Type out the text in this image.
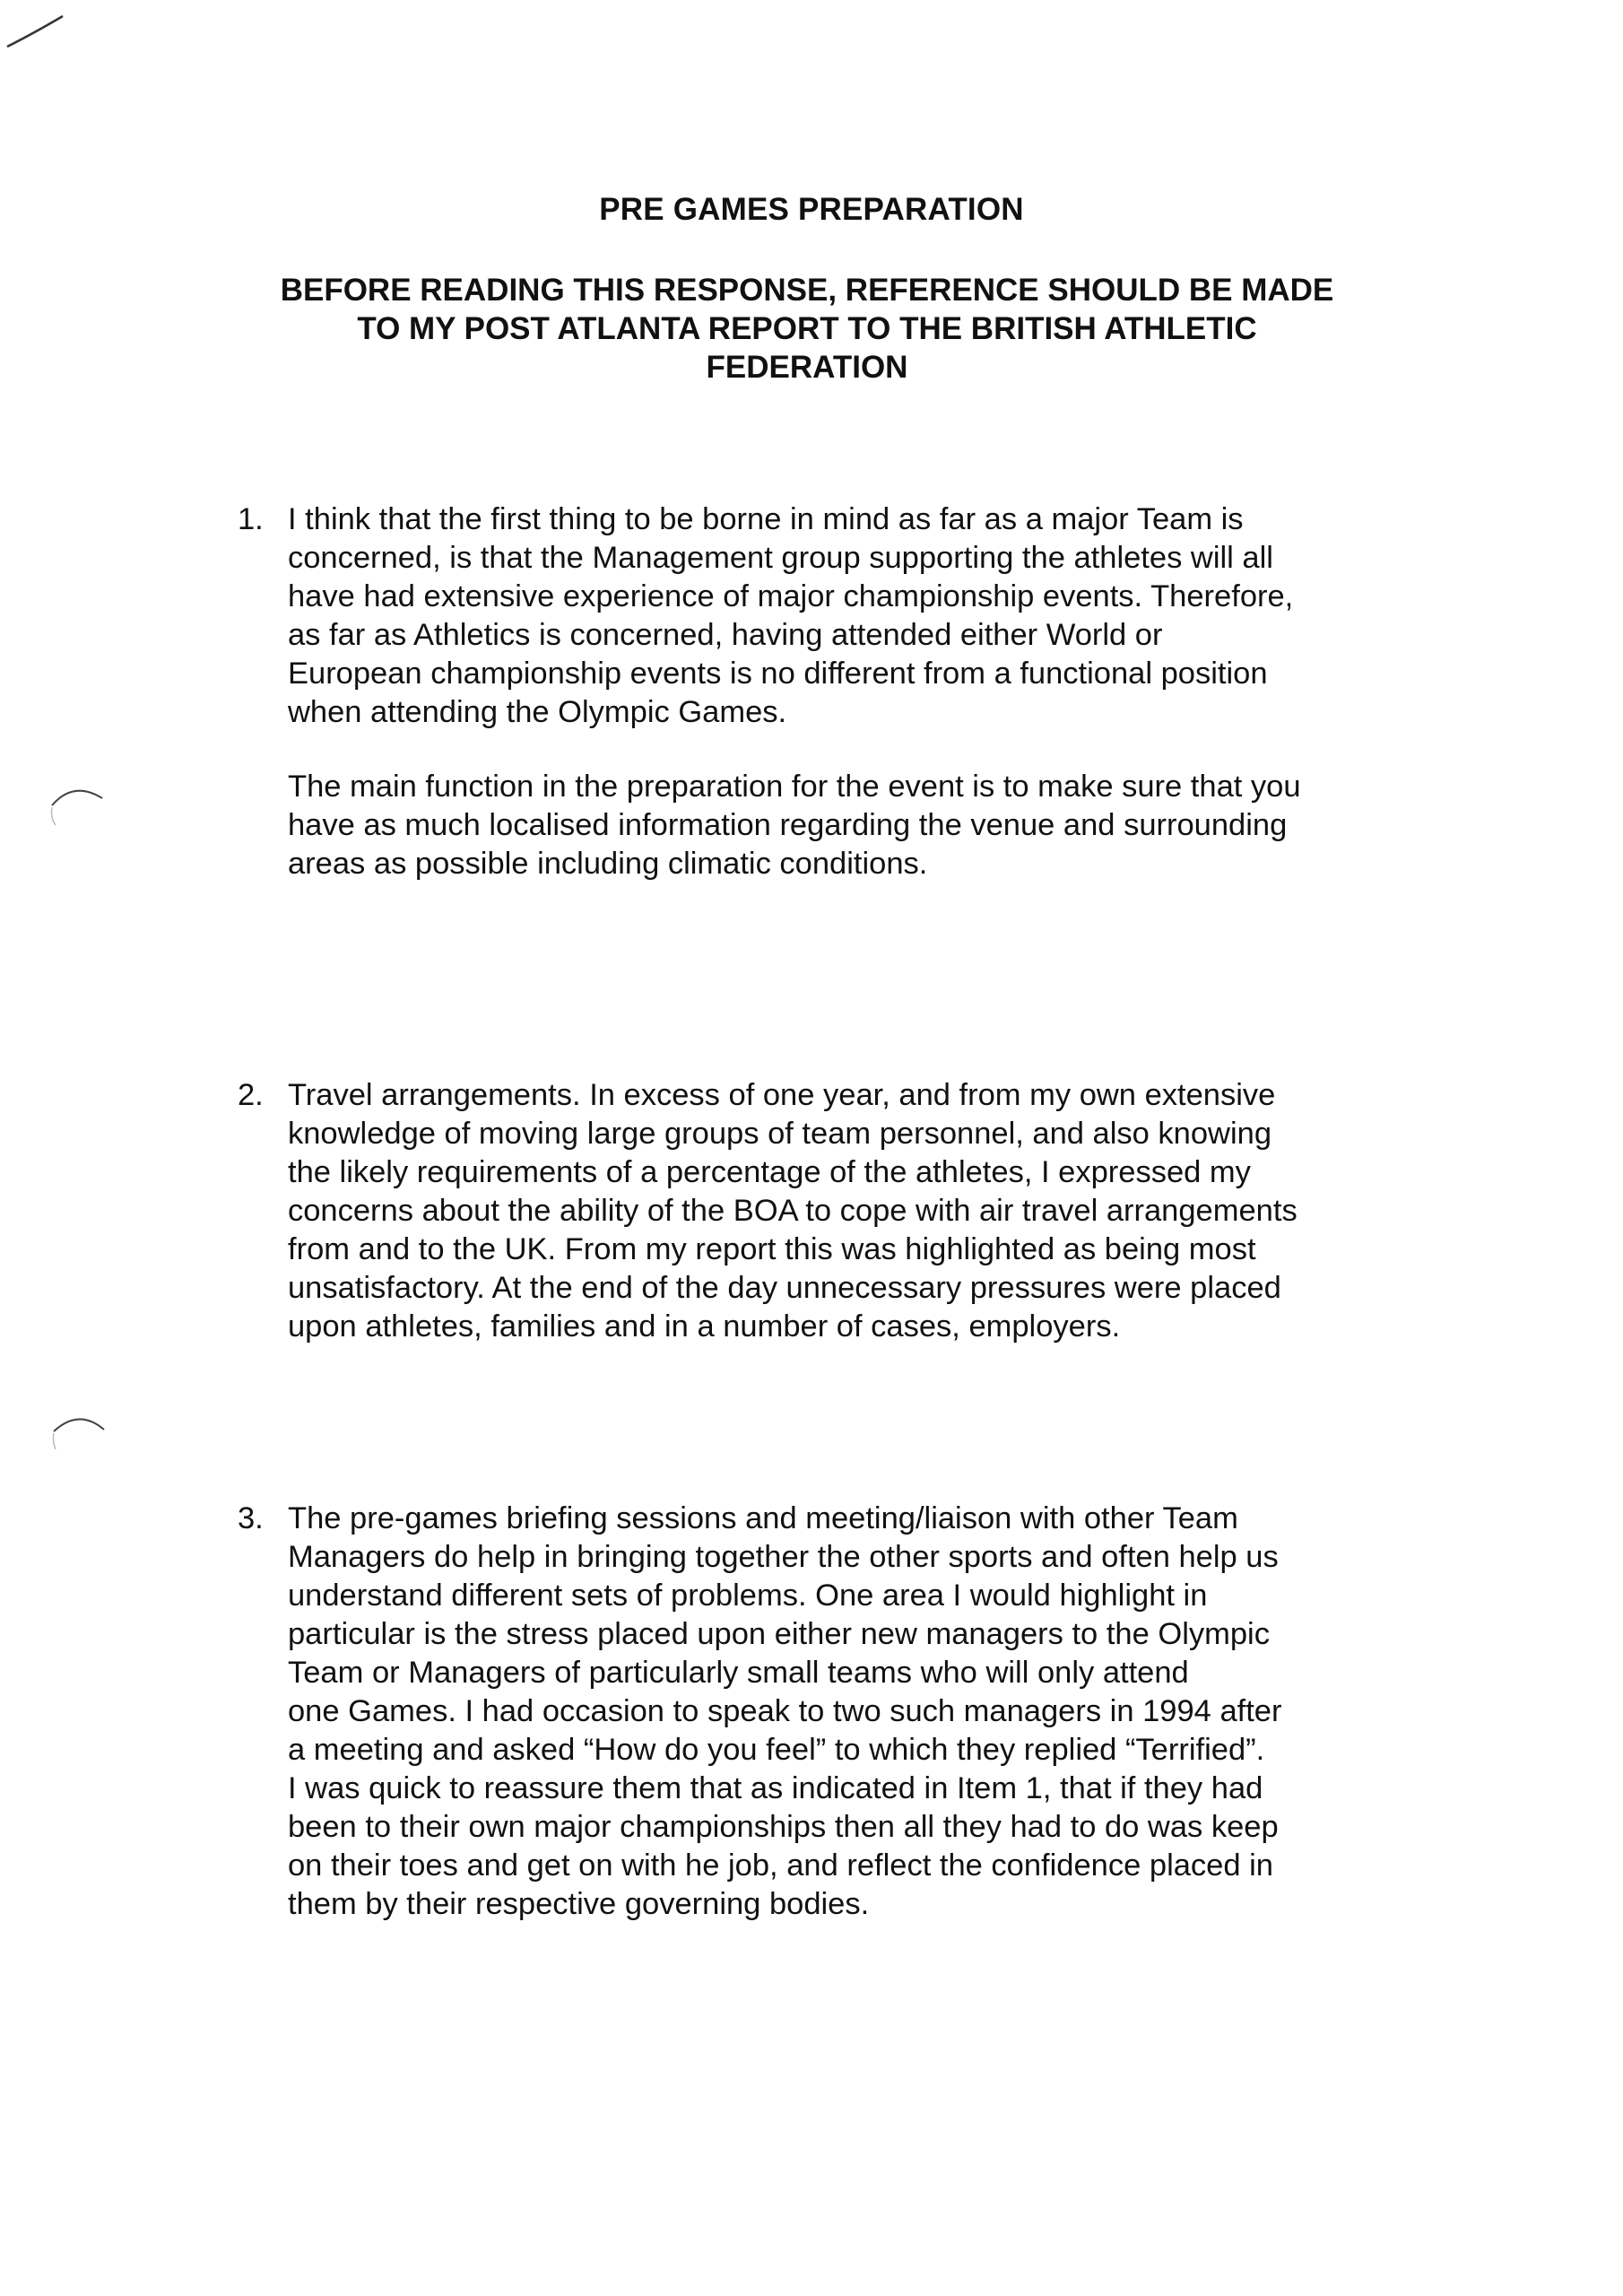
PRE GAMES PREPARATION
BEFORE READING THIS RESPONSE, REFERENCE SHOULD BE MADE
TO MY POST ATLANTA REPORT TO THE BRITISH ATHLETIC
FEDERATION
1. I think that the first thing to be borne in mind as far as a major Team is
concerned, is that the Management group supporting the athletes will all
have had extensive experience of major championship events. Therefore,
as far as Athletics is concerned, having attended either World or
European championship events is no different from a functional position
when attending the Olympic Games.
The main function in the preparation for the event is to make sure that you
have as much localised information regarding the venue and surrounding
areas as possible including climatic conditions.
2. Travel arrangements. In excess of one year, and from my own extensive
knowledge of moving large groups of team personnel, and also knowing
the likely requirements of a percentage of the athletes, I expressed my
concerns about the ability of the BOA to cope with air travel arrangements
from and to the UK. From my report this was highlighted as being most
unsatisfactory. At the end of the day unnecessary pressures were placed
upon athletes, families and in a number of cases, employers.
3. The pre-games briefing sessions and meeting/liaison with other Team
Managers do help in bringing together the other sports and often help us
understand different sets of problems. One area I would highlight in
particular is the stress placed upon either new managers to the Olympic
Team or Managers of particularly small teams who will only attend
one Games. I had occasion to speak to two such managers in 1994 after
a meeting and asked “How do you feel” to which they replied “Terrified”.
I was quick to reassure them that as indicated in Item 1, that if they had
been to their own major championships then all they had to do was keep
on their toes and get on with he job, and reflect the confidence placed in
them by their respective governing bodies.
